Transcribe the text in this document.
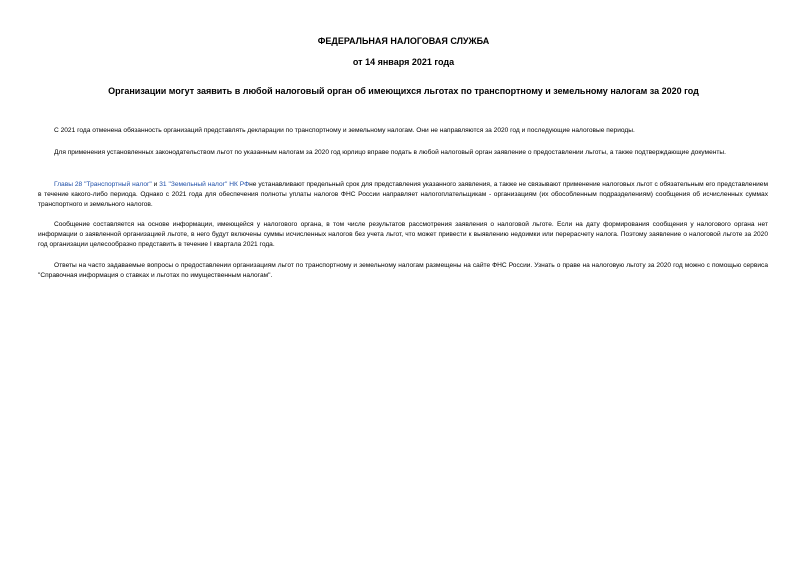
ФЕДЕРАЛЬНАЯ НАЛОГОВАЯ СЛУЖБА
от 14 января 2021 года
Организации могут заявить в любой налоговый орган об имеющихся льготах по транспортному и земельному налогам за 2020 год

С 2021 года отменена обязанность организаций представлять декларации по транспортному и земельному налогам. Они не направляются за 2020 год и последующие налоговые периоды.

Для применения установленных законодательством льгот по указанным налогам за 2020 год юрлицо вправе подать в любой налоговый орган заявление о предоставлении льготы, а также подтверждающие документы.

Главы 28 "Транспортный налог" и 31 "Земельный налог" НК РФне устанавливают предельный срок для представления указанного заявления, а также не связывают применение налоговых льгот с обязательным его представлением в течение какого-либо периода. Однако с 2021 года для обеспечения полноты уплаты налогов ФНС России направляет налогоплательщикам - организациям (их обособленным подразделениям) сообщения об исчисленных суммах транспортного и земельного налогов.

Сообщение составляется на основе информации, имеющейся у налогового органа, в том числе результатов рассмотрения заявления о налоговой льготе. Если на дату формирования сообщения у налогового органа нет информации о заявленной организацией льготе, в него будут включены суммы исчисленных налогов без учета льгот, что может привести к выявлению недоимки или перерасчету налога. Поэтому заявление о налоговой льготе за 2020 год организации целесообразно представить в течение I квартала 2021 года.

Ответы на часто задаваемые вопросы о предоставлении организациям льгот по транспортному и земельному налогам размещены на сайте ФНС России. Узнать о праве на налоговую льготу за 2020 год можно с помощью сервиса "Справочная информация о ставках и льготах по имущественным налогам".
